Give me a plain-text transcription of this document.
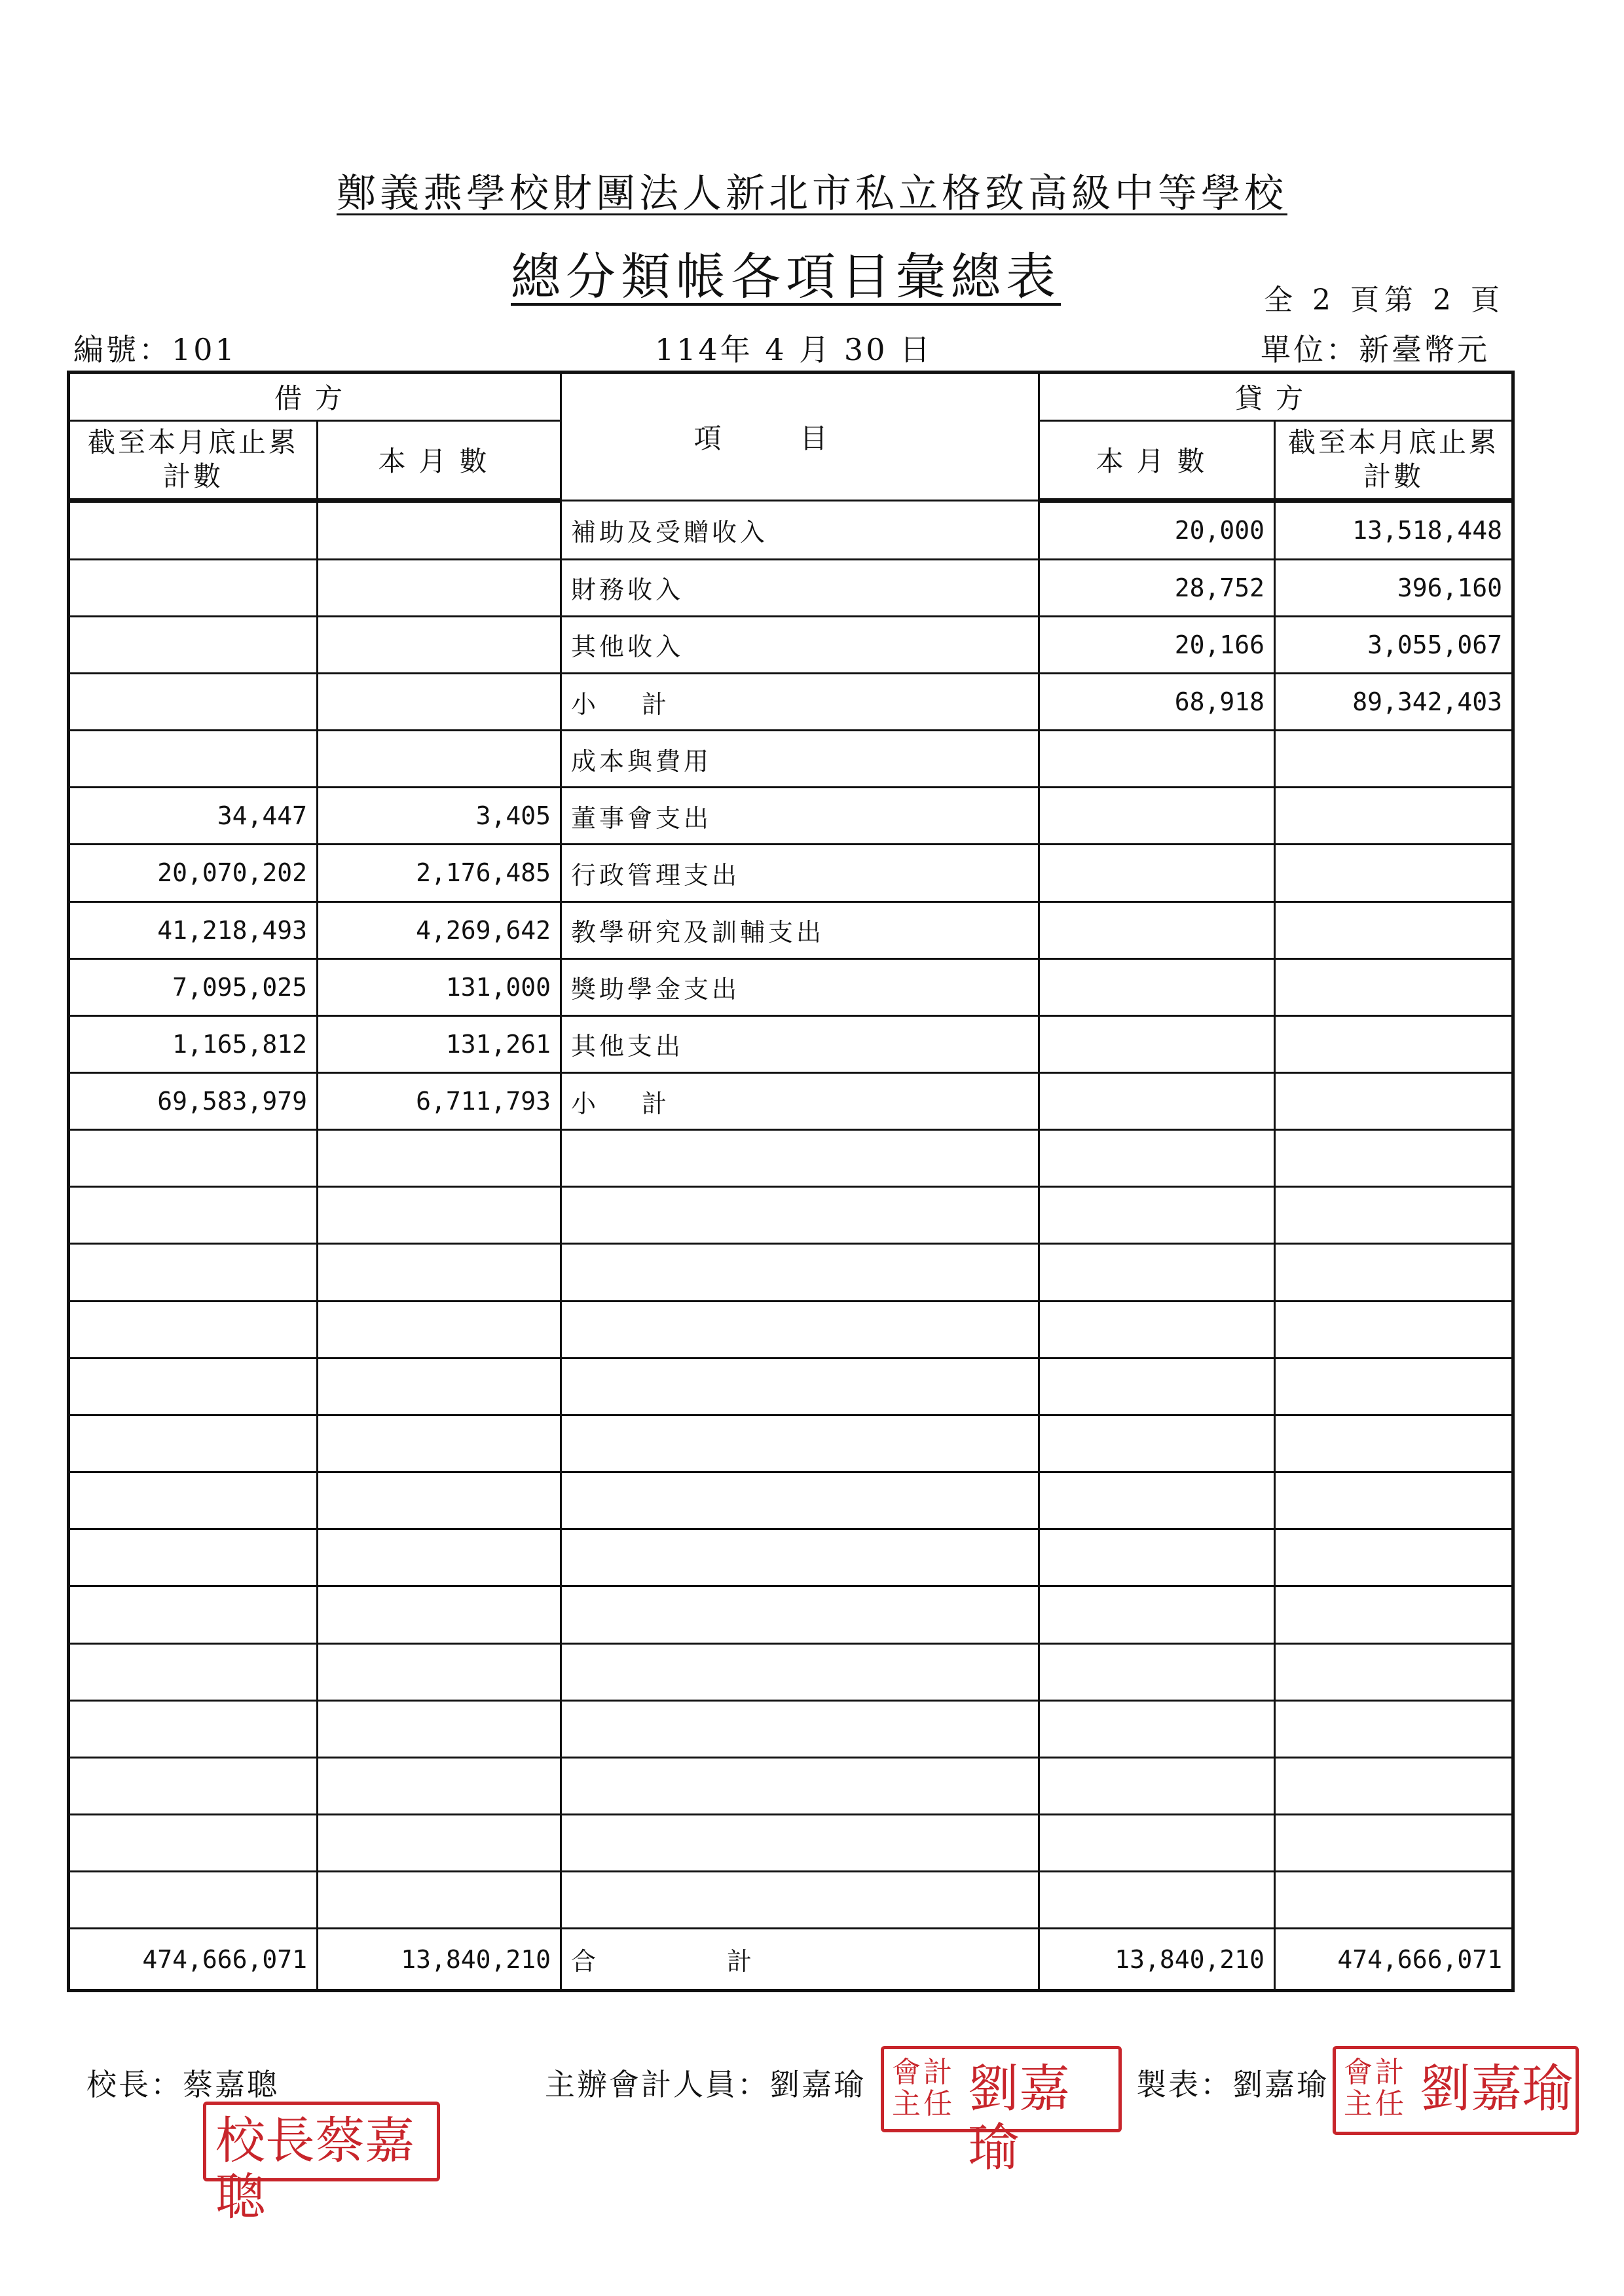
鄭義燕學校財團法人新北市私立格致高級中等學校
總分類帳各項目彙總表	全 2 頁第 2 頁
編號：101	114年 4 月 30 日	單位：新臺幣元
借方		項目	貸方	
截至本月底止累計數	本月數		本月數	截至本月底止累計數
		補助及受贈收入	20,000	13,518,448
		財務收入	28,752	396,160
		其他收入	20,166	3,055,067
		小計	68,918	89,342,403
		成本與費用		
34,447	3,405	董事會支出		
20,070,202	2,176,485	行政管理支出		
41,218,493	4,269,642	教學研究及訓輔支出		
7,095,025	131,000	獎助學金支出		
1,165,812	131,261	其他支出		
69,583,979	6,711,793	小計		

474,666,071	13,840,210	合計	13,840,210	474,666,071
校長：蔡嘉聰	主辦會計人員：劉嘉瑜	製表：劉嘉瑜
校長蔡嘉聰
會計主任 劉嘉瑜
會計主任 劉嘉瑜
